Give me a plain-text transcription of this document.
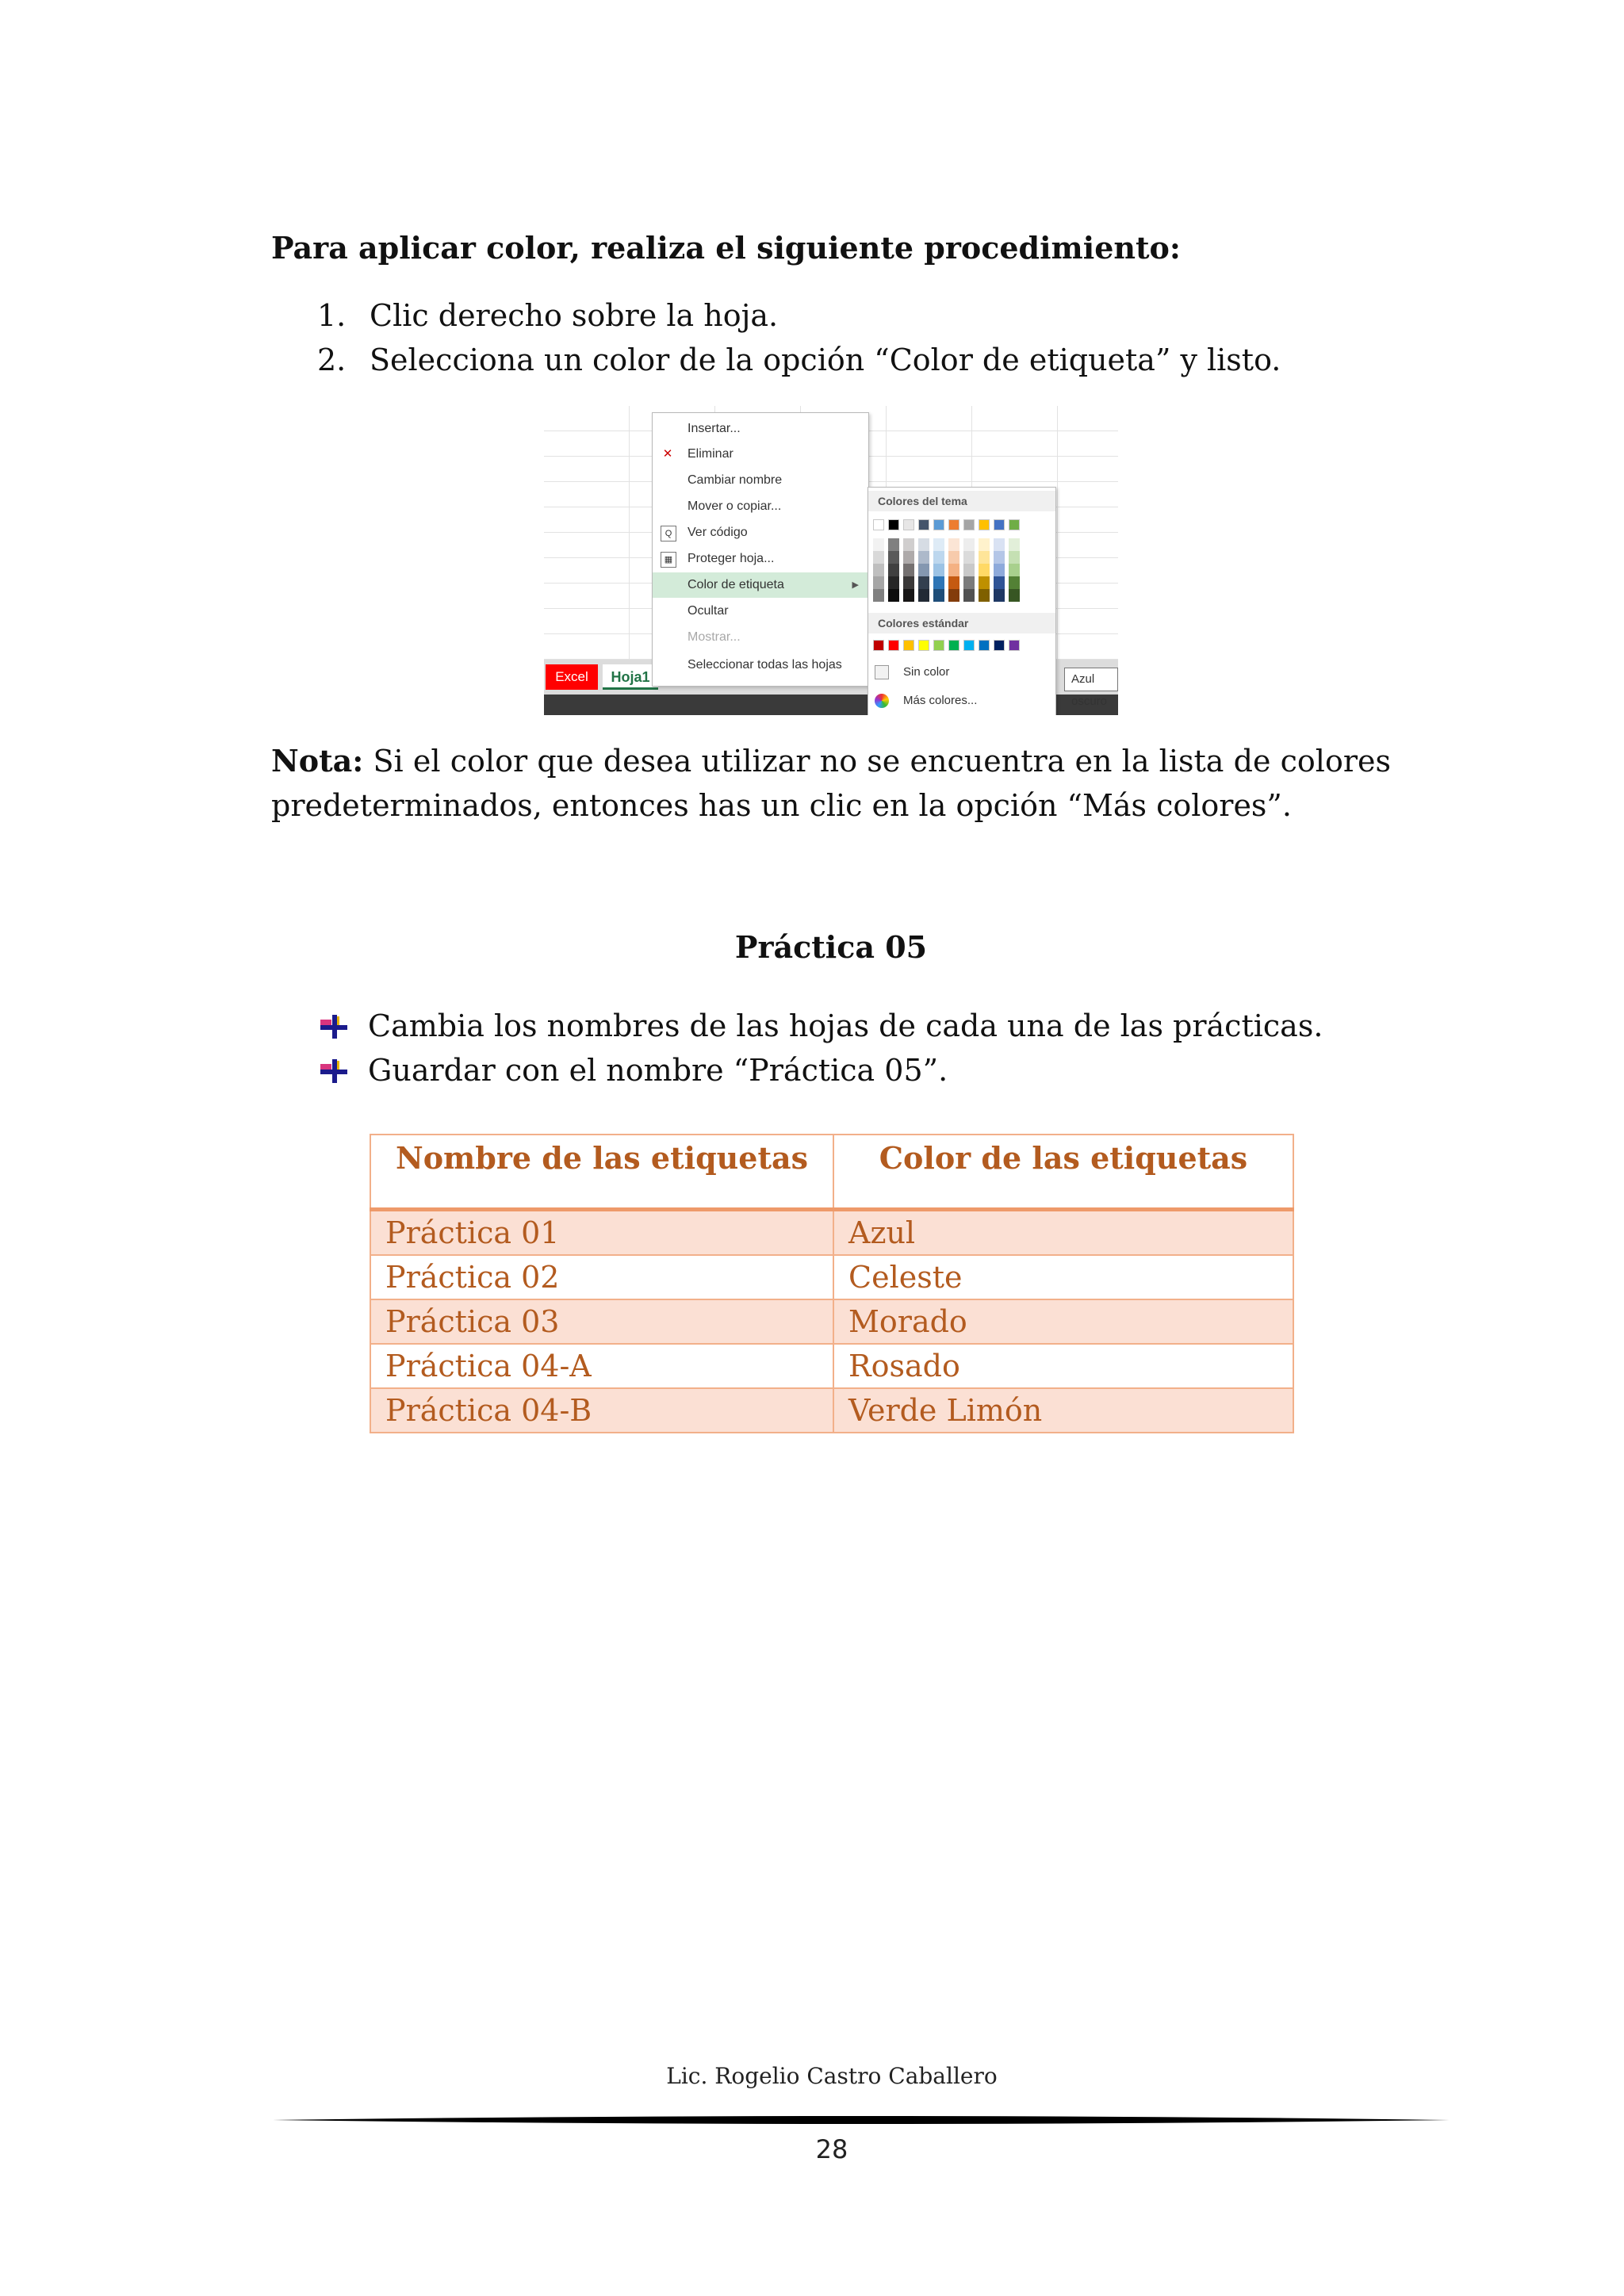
Para aplicar color, realiza el siguiente procedimiento:
1. Clic derecho sobre la hoja.
2. Selecciona un color de la opción “Color de etiqueta” y listo.
Excel	Hoja1
Insertar...
✕ Eliminar
Cambiar nombre
Mover o copiar...
Q	Ver código
▦ Proteger hoja...
Color de etiqueta	▶
Ocultar
Mostrar...
Seleccionar todas las hojas
Colores del tema
Colores estándar
Sin color
Más colores...
Azul oscuro
Nota: Si el color que desea utilizar no se encuentra en la lista de colores predeterminados, entonces has un clic en la opción “Más colores”.
Práctica 05
Cambia los nombres de las hojas de cada una de las prácticas.
Guardar con el nombre “Práctica 05”.
Nombre de las etiquetas	Color de las etiquetas
Práctica 01	Azul
Práctica 02	Celeste
Práctica 03	Morado
Práctica 04-A	Rosado
Práctica 04-B	Verde Limón
Lic. Rogelio Castro Caballero
28
